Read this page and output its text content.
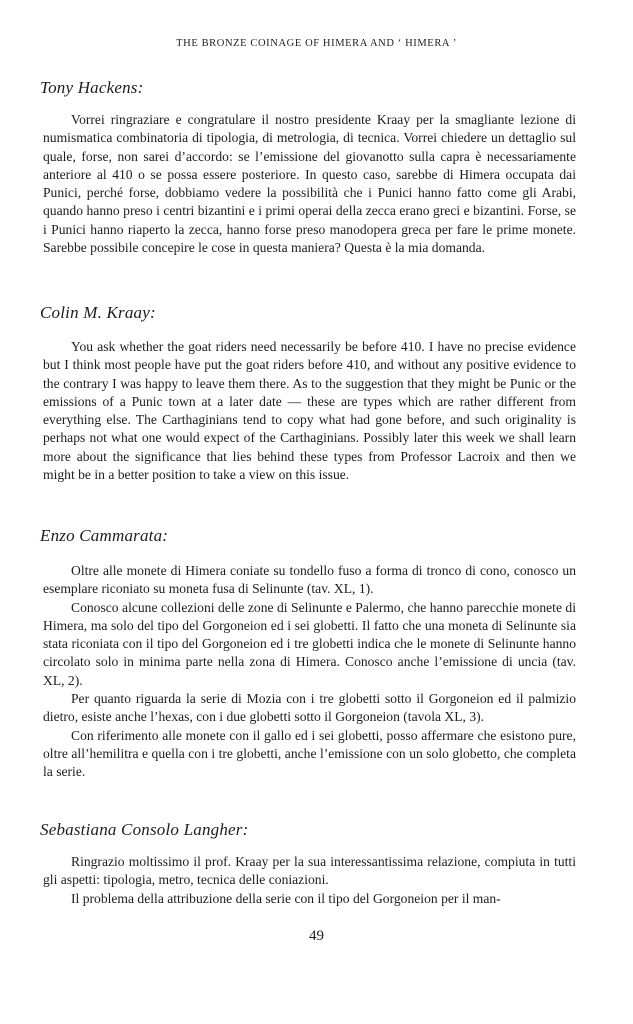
THE BRONZE COINAGE OF HIMERA AND ‘ HIMERA ’
Tony Hackens:

Vorrei ringraziare e congratulare il nostro presidente Kraay per la smagliante lezione di numismatica combinatoria di tipologia, di metrologia, di tecnica. Vorrei chiedere un dettaglio sul quale, forse, non sarei d’accordo: se l’emissione del giovanotto sulla capra è necessariamente anteriore al 410 o se possa essere posteriore. In questo caso, sarebbe di Himera occupata dai Punici, perché forse, dobbiamo vedere la possibilità che i Punici hanno fatto come gli Arabi, quando hanno preso i centri bizantini e i primi operai della zecca erano greci e bizantini. Forse, se i Punici hanno riaperto la zecca, hanno forse preso manodopera greca per fare le prime monete. Sarebbe possibile concepire le cose in questa maniera? Questa è la mia domanda.

Colin M. Kraay:

You ask whether the goat riders need necessarily be before 410. I have no precise evidence but I think most people have put the goat riders before 410, and without any positive evidence to the contrary I was happy to leave them there. As to the suggestion that they might be Punic or the emissions of a Punic town at a later date — these are types which are rather different from everything else. The Carthaginians tend to copy what had gone before, and such originality is perhaps not what one would expect of the Carthaginians. Possibly later this week we shall learn more about the significance that lies behind these types from Professor Lacroix and then we might be in a better position to take a view on this issue.

Enzo Cammarata:

Oltre alle monete di Himera coniate su tondello fuso a forma di tronco di cono, conosco un esemplare riconiato su moneta fusa di Selinunte (tav. XL, 1).

Conosco alcune collezioni delle zone di Selinunte e Palermo, che hanno parecchie monete di Himera, ma solo del tipo del Gorgoneion ed i sei globetti. Il fatto che una moneta di Selinunte sia stata riconiata con il tipo del Gorgoneion ed i tre globetti indica che le monete di Selinunte hanno circolato solo in minima parte nella zona di Himera. Conosco anche l’emissione di uncia (tav. XL, 2).

Per quanto riguarda la serie di Mozia con i tre globetti sotto il Gorgoneion ed il palmizio dietro, esiste anche l’hexas, con i due globetti sotto il Gorgoneion (tavola XL, 3).

Con riferimento alle monete con il gallo ed i sei globetti, posso affermare che esistono pure, oltre all’hemilitra e quella con i tre globetti, anche l’emissione con un solo globetto, che completa la serie.

Sebastiana Consolo Langher:

Ringrazio moltissimo il prof. Kraay per la sua interessantissima relazione, compiuta in tutti gli aspetti: tipologia, metro, tecnica delle coniazioni.

Il problema della attribuzione della serie con il tipo del Gorgoneion per il man-

49
